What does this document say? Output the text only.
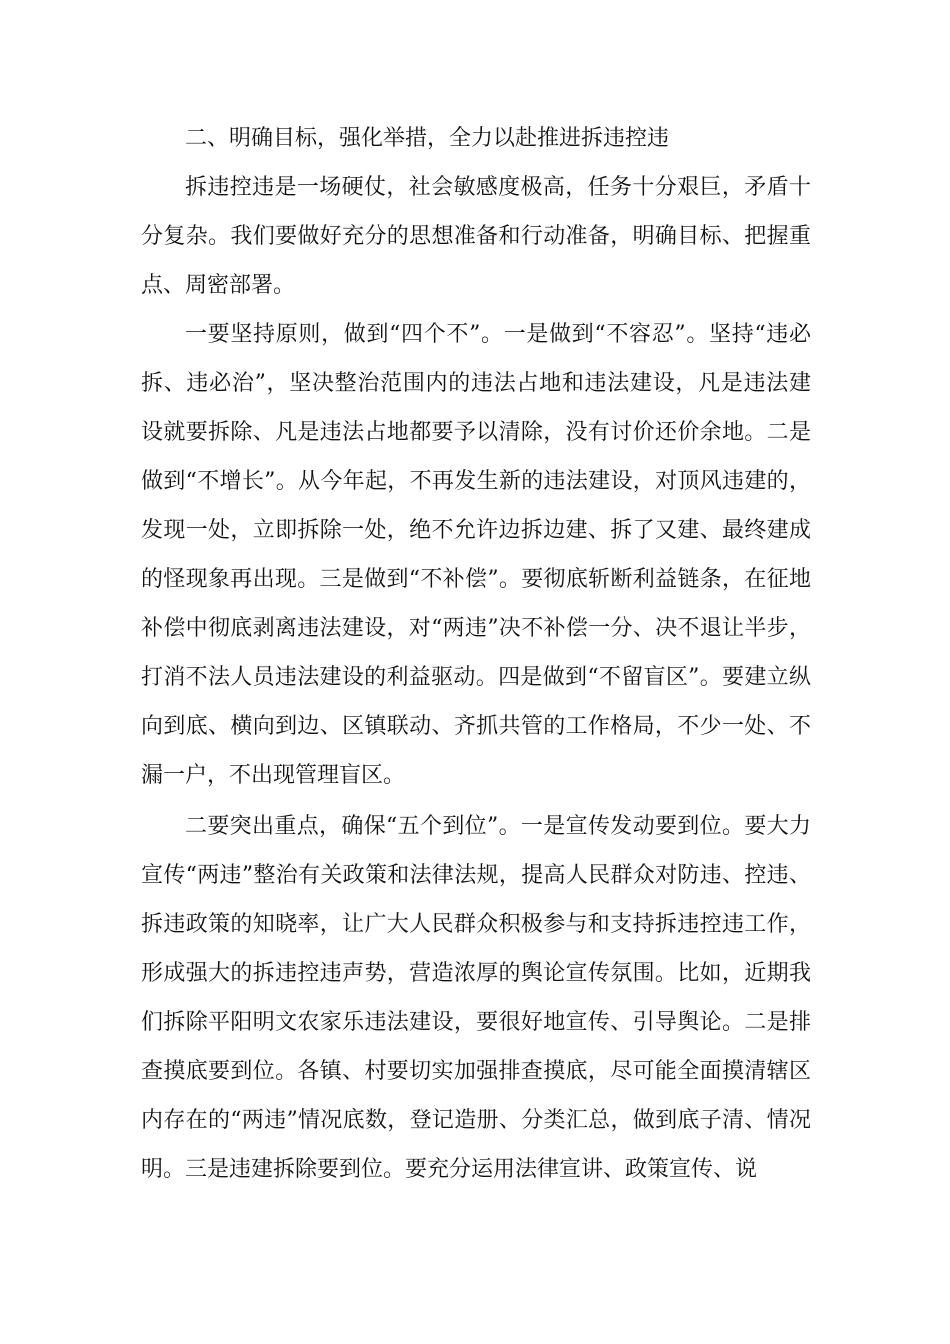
二、明确目标，强化举措，全力以赴推进拆违控违

拆违控违是一场硬仗，社会敏感度极高，任务十分艰巨，矛盾十分复杂。我们要做好充分的思想准备和行动准备，明确目标、把握重点、周密部署。

一要坚持原则，做到“四个不”。一是做到“不容忍”。坚持“违必拆、违必治”，坚决整治范围内的违法占地和违法建设，凡是违法建设就要拆除、凡是违法占地都要予以清除，没有讨价还价余地。二是做到“不增长”。从今年起，不再发生新的违法建设，对顶风违建的，发现一处，立即拆除一处，绝不允许边拆边建、拆了又建、最终建成的怪现象再出现。三是做到“不补偿”。要彻底斩断利益链条，在征地补偿中彻底剥离违法建设，对“两违”决不补偿一分、决不退让半步，打消不法人员违法建设的利益驱动。四是做到“不留盲区”。要建立纵向到底、横向到边、区镇联动、齐抓共管的工作格局，不少一处、不漏一户，不出现管理盲区。

二要突出重点，确保“五个到位”。一是宣传发动要到位。要大力宣传“两违”整治有关政策和法律法规，提高人民群众对防违、控违、拆违政策的知晓率，让广大人民群众积极参与和支持拆违控违工作，形成强大的拆违控违声势，营造浓厚的舆论宣传氛围。比如，近期我们拆除平阳明文农家乐违法建设，要很好地宣传、引导舆论。二是排查摸底要到位。各镇、村要切实加强排查摸底，尽可能全面摸清辖区内存在的“两违”情况底数，登记造册、分类汇总，做到底子清、情况明。三是违建拆除要到位。要充分运用法律宣讲、政策宣传、说
